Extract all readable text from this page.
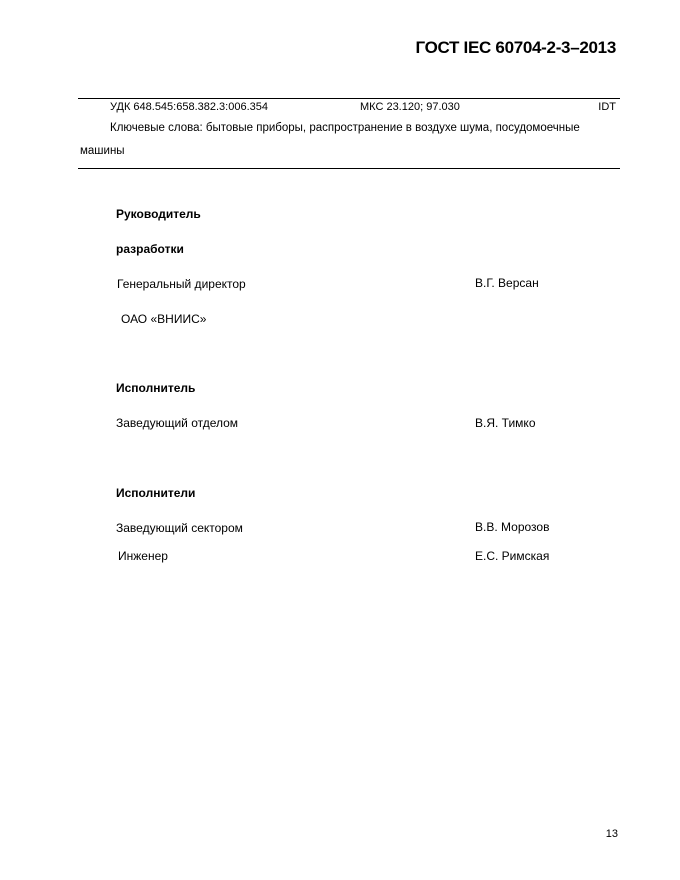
ГОСТ IEC 60704-2-3–2013
УДК 648.545:658.382.3:006.354	МКС 23.120; 97.030	IDT
Ключевые слова: бытовые приборы, распространение в воздухе шума, посудомоечные
машины
Руководитель
разработки
Генеральный директор	В.Г. Версан
ОАО «ВНИИС»
Исполнитель
Заведующий отделом	В.Я. Тимко
Исполнители
Заведующий сектором	В.В. Морозов
Инженер	Е.С. Римская
13
